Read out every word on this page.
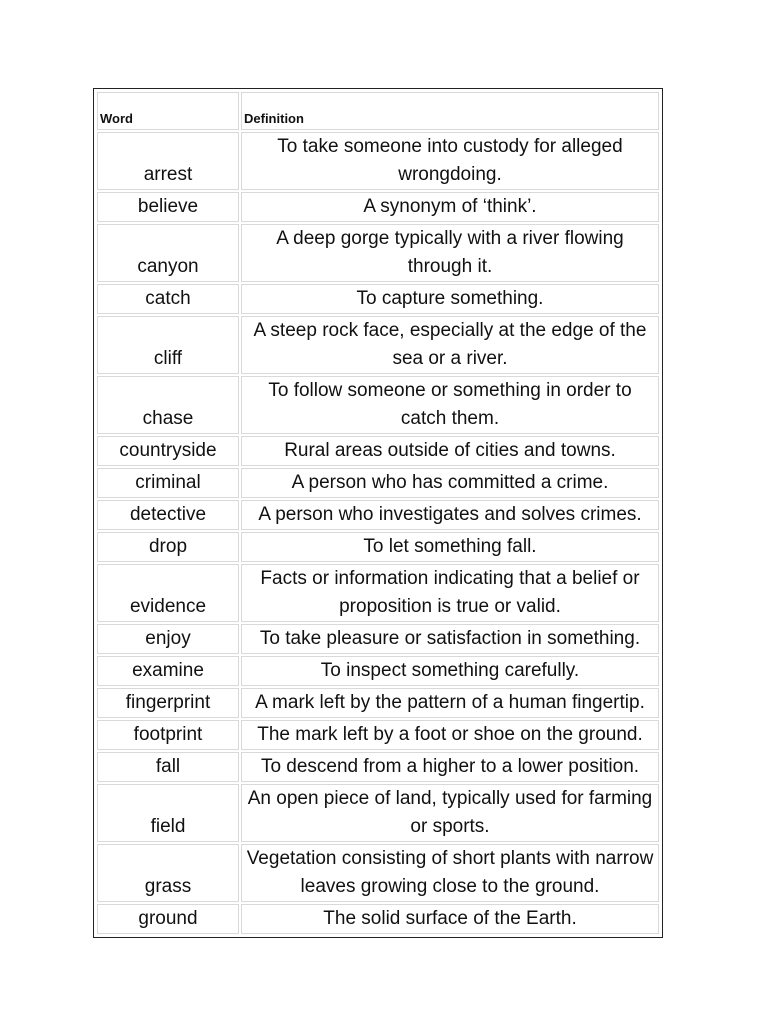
Word	Definition
arrest	To take someone into custody for alleged wrongdoing.
believe	A synonym of ‘think’.
canyon	A deep gorge typically with a river flowing through it.
catch	To capture something.
cliff	A steep rock face, especially at the edge of the sea or a river.
chase	To follow someone or something in order to catch them.
countryside	Rural areas outside of cities and towns.
criminal	A person who has committed a crime.
detective	A person who investigates and solves crimes.
drop	To let something fall.
evidence	Facts or information indicating that a belief or proposition is true or valid.
enjoy	To take pleasure or satisfaction in something.
examine	To inspect something carefully.
fingerprint	A mark left by the pattern of a human fingertip.
footprint	The mark left by a foot or shoe on the ground.
fall	To descend from a higher to a lower position.
field	An open piece of land, typically used for farming or sports.
grass	Vegetation consisting of short plants with narrow leaves growing close to the ground.
ground	The solid surface of the Earth.
